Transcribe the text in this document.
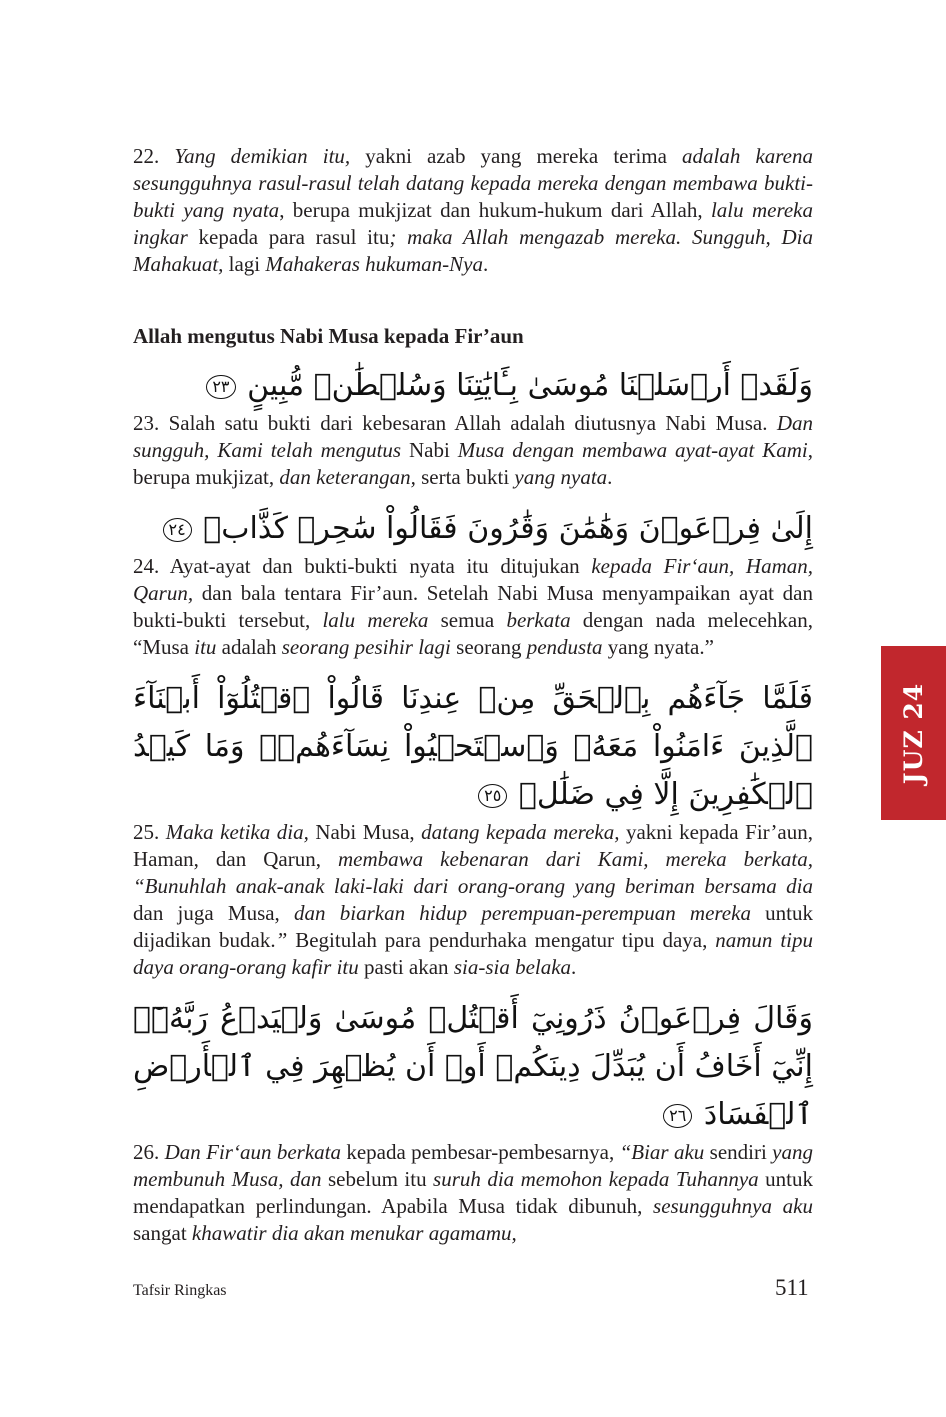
22. Yang demikian itu, yakni azab yang mereka terima adalah karena sesungguhnya rasul-rasul telah datang kepada mereka dengan membawa bukti-bukti yang nyata, berupa mukjizat dan hukum-hukum dari Allah, lalu mereka ingkar kepada para rasul itu; maka Allah mengazab mereka. Sungguh, Dia Mahakuat, lagi Mahakeras hukuman-Nya.

Allah mengutus Nabi Musa kepada Fir’aun

وَلَقَدۡ أَرۡسَلۡنَا مُوسَىٰ بِـَٔايَٰتِنَا وَسُلۡطَٰنٖ مُّبِينٍ ٢٣

23. Salah satu bukti dari kebesaran Allah adalah diutusnya Nabi Musa. Dan sungguh, Kami telah mengutus Nabi Musa dengan membawa ayat-ayat Kami, berupa mukjizat, dan keterangan, serta bukti yang nyata.

إِلَىٰ فِرۡعَوۡنَ وَهَٰمَٰنَ وَقَٰرُونَ فَقَالُواْ سَٰحِرٞ كَذَّابٞ ٢٤

24. Ayat-ayat dan bukti-bukti nyata itu ditujukan kepada Fir‘aun, Haman, Qarun, dan bala tentara Fir’aun. Setelah Nabi Musa menyampaikan ayat dan bukti-bukti tersebut, lalu mereka semua berkata dengan nada melecehkan, “Musa itu adalah seorang pesihir lagi seorang pendusta yang nyata.”

فَلَمَّا جَآءَهُم بِٱلۡحَقِّ مِنۡ عِندِنَا قَالُواْ ٱقۡتُلُوٓاْ أَبۡنَآءَ ٱلَّذِينَ ءَامَنُواْ مَعَهُۥ وَٱسۡتَحۡيُواْ نِسَآءَهُمۡۚ وَمَا كَيۡدُ ٱلۡكَٰفِرِينَ إِلَّا فِي ضَلَٰلٖ ٢٥

25. Maka ketika dia, Nabi Musa, datang kepada mereka, yakni kepada Fir’aun, Haman, dan Qarun, membawa kebenaran dari Kami, mereka berkata, “Bunuhlah anak-anak laki-laki dari orang-orang yang beriman bersama dia dan juga Musa, dan biarkan hidup perempuan-perempuan mereka untuk dijadikan budak.” Begitulah para pendurhaka mengatur tipu daya, namun tipu daya orang-orang kafir itu pasti akan sia-sia belaka.

وَقَالَ فِرۡعَوۡنُ ذَرُونِيٓ أَقۡتُلۡ مُوسَىٰ وَلۡيَدۡعُ رَبَّهُۥٓۖ إِنِّيٓ أَخَافُ أَن يُبَدِّلَ دِينَكُمۡ أَوۡ أَن يُظۡهِرَ فِي ٱلۡأَرۡضِ ٱلۡفَسَادَ ٢٦

26. Dan Fir‘aun berkata kepada pembesar-pembesarnya, “Biar aku sendiri yang membunuh Musa, dan sebelum itu suruh dia memohon kepada Tuhannya untuk mendapatkan perlindungan. Apabila Musa tidak dibunuh, sesungguhnya aku sangat khawatir dia akan menukar agamamu,

JUZ 24
Tafsir Ringkas	511
